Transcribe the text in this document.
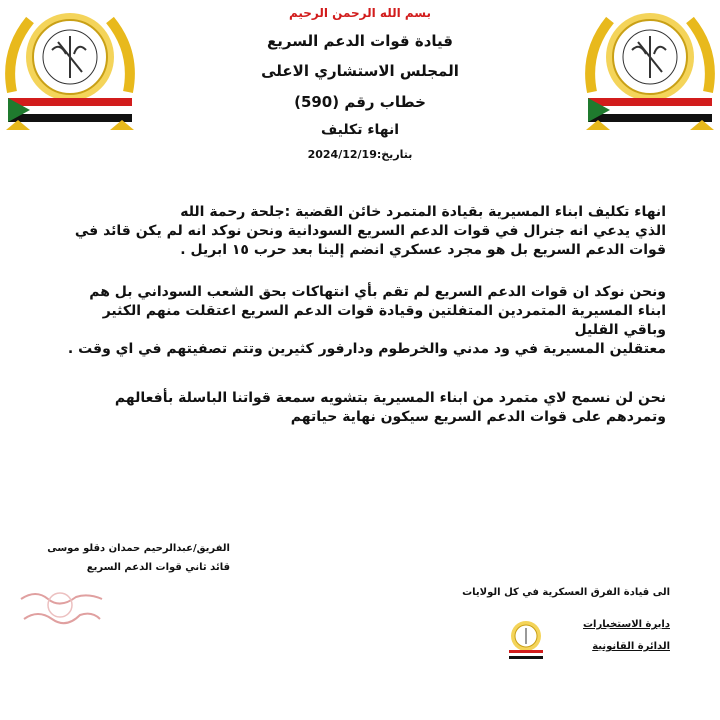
بسم الله الرحمن الرحيم
قيادة قوات الدعم السريع
المجلس الاستشاري الاعلى
خطاب رقم (590)
انهاء تكليف
بتاريخ:2024/12/19
انهاء تكليف ابناء المسيرية بقيادة المتمرد خائن القضية :جلحة رحمة الله
الذي يدعي انه جنرال في قوات الدعم السريع السودانية ونحن نوكد انه لم يكن قائد في
قوات الدعم السريع بل هو مجرد عسكري انضم إلينا بعد حرب ١٥ ابريل .
ونحن نوكد ان قوات الدعم السريع لم تقم بأي انتهاكات بحق الشعب السوداني بل هم
ابناء المسيرية المتمردين المتفلتين وقيادة قوات الدعم السريع اعتقلت منهم الكثير
وباقي القليل
معتقلين المسيرية في ود مدني والخرطوم ودارفور كثيرين وتتم تصفيتهم في اي وقت .
نحن لن نسمح لاي متمرد من ابناء المسيرية بتشويه سمعة قواتنا الباسلة بأفعالهم
وتمردهم على قوات الدعم السريع سيكون نهاية حياتهم
الفريق/عبدالرحيم حمدان دقلو موسى
قائد ثاني قوات الدعم السريع
الى قيادة الفرق العسكرية في كل الولايات
دايرة الاستخبارات
الدائرة القانونية
